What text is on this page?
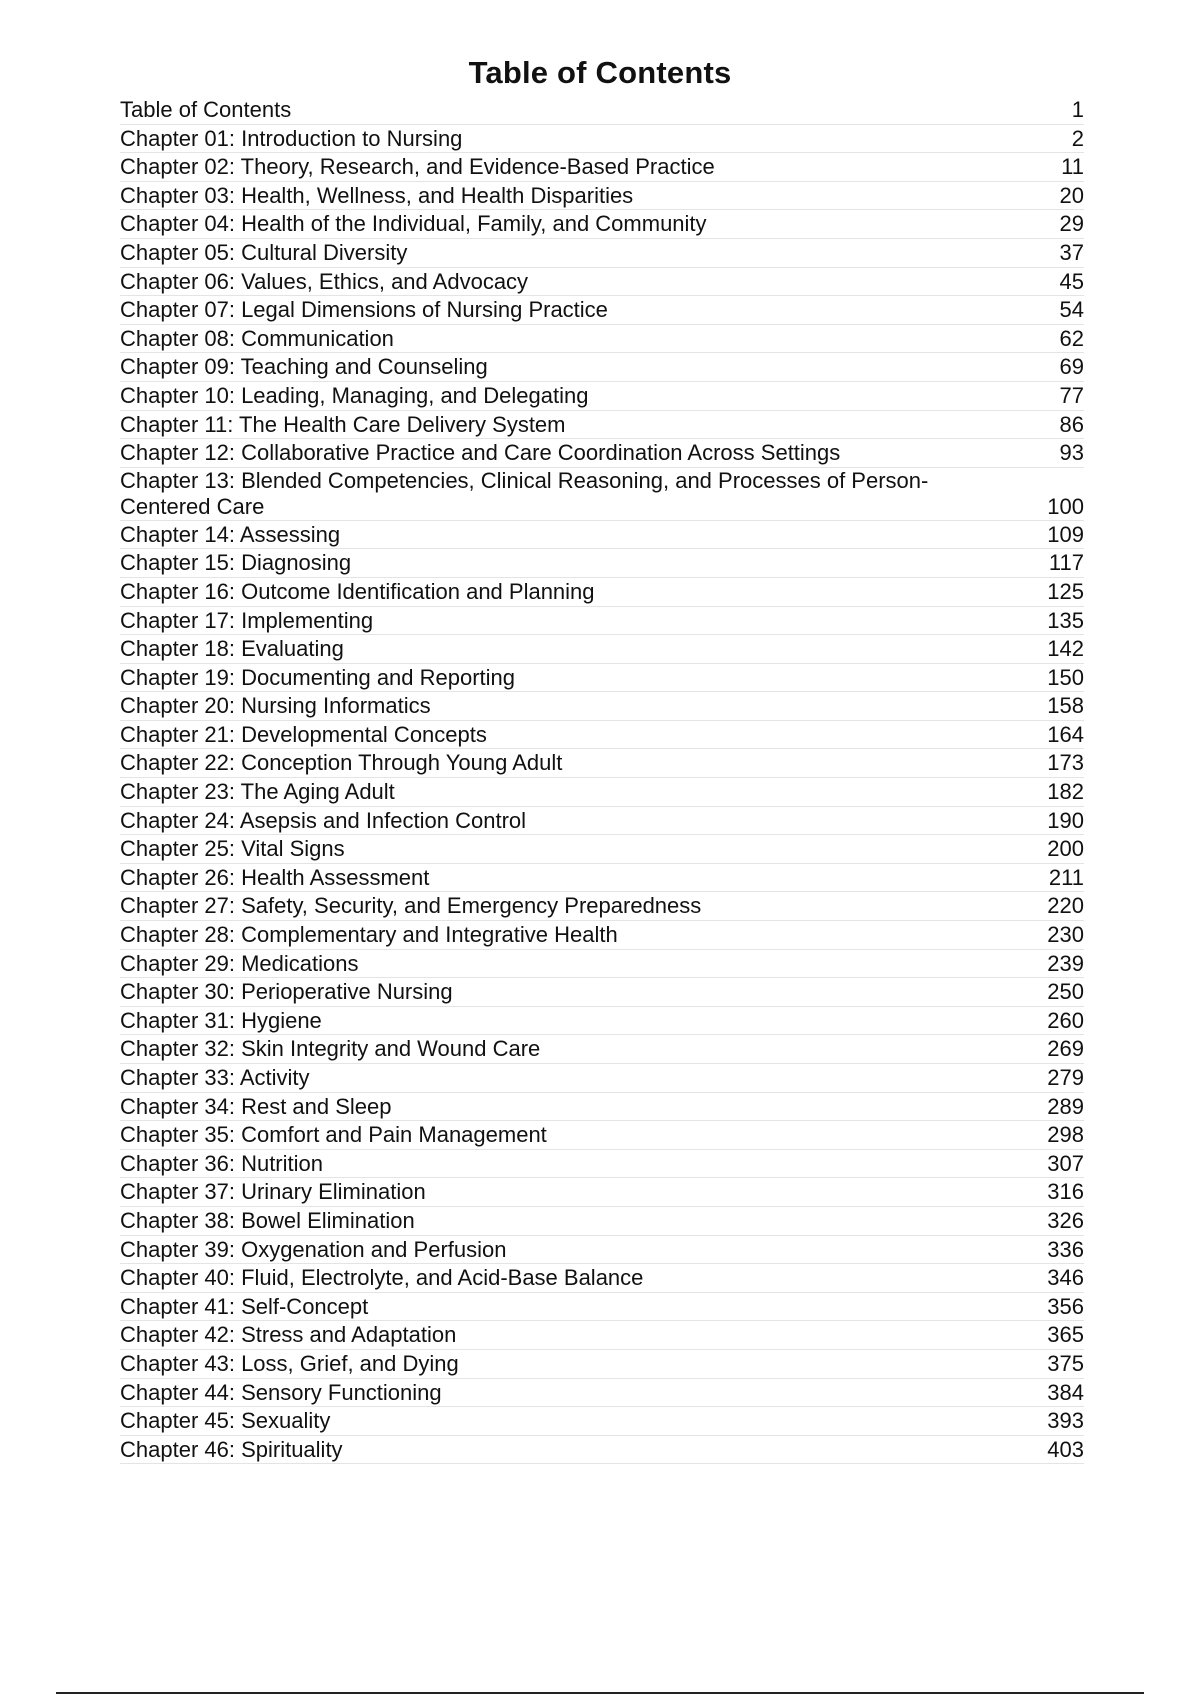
Table of Contents
Table of Contents	1
Chapter 01: Introduction to Nursing	2
Chapter 02: Theory, Research, and Evidence-Based Practice	11
Chapter 03: Health, Wellness, and Health Disparities	20
Chapter 04: Health of the Individual, Family, and Community	29
Chapter 05: Cultural Diversity	37
Chapter 06: Values, Ethics, and Advocacy	45
Chapter 07: Legal Dimensions of Nursing Practice	54
Chapter 08: Communication	62
Chapter 09: Teaching and Counseling	69
Chapter 10: Leading, Managing, and Delegating	77
Chapter 11: The Health Care Delivery System	86
Chapter 12: Collaborative Practice and Care Coordination Across Settings	93
Chapter 13: Blended Competencies, Clinical Reasoning, and Processes of Person-Centered Care	100
Chapter 14: Assessing	109
Chapter 15: Diagnosing	117
Chapter 16: Outcome Identification and Planning	125
Chapter 17: Implementing	135
Chapter 18: Evaluating	142
Chapter 19: Documenting and Reporting	150
Chapter 20: Nursing Informatics	158
Chapter 21: Developmental Concepts	164
Chapter 22: Conception Through Young Adult	173
Chapter 23: The Aging Adult	182
Chapter 24: Asepsis and Infection Control	190
Chapter 25: Vital Signs	200
Chapter 26: Health Assessment	211
Chapter 27: Safety, Security, and Emergency Preparedness	220
Chapter 28: Complementary and Integrative Health	230
Chapter 29: Medications	239
Chapter 30: Perioperative Nursing	250
Chapter 31: Hygiene	260
Chapter 32: Skin Integrity and Wound Care	269
Chapter 33: Activity	279
Chapter 34: Rest and Sleep	289
Chapter 35: Comfort and Pain Management	298
Chapter 36: Nutrition	307
Chapter 37: Urinary Elimination	316
Chapter 38: Bowel Elimination	326
Chapter 39: Oxygenation and Perfusion	336
Chapter 40: Fluid, Electrolyte, and Acid-Base Balance	346
Chapter 41: Self-Concept	356
Chapter 42: Stress and Adaptation	365
Chapter 43: Loss, Grief, and Dying	375
Chapter 44: Sensory Functioning	384
Chapter 45: Sexuality	393
Chapter 46: Spirituality	403
